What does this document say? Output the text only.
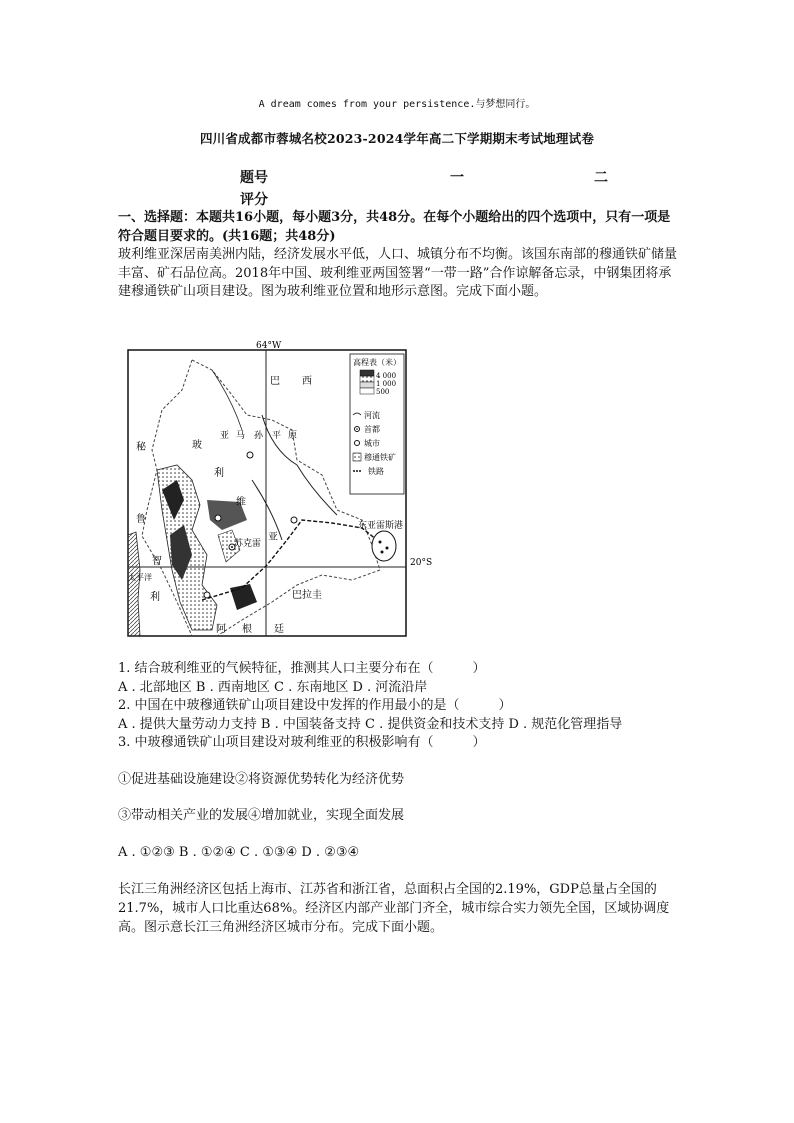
A dream comes from your persistence.与梦想同行。
四川省成都市蓉城名校2023-2024学年高二下学期期末考试地理试卷
题号	一	二
评分

一、选择题：本题共16小题，每小题3分，共48分。在每个小题给出的四个选项中，只有一项是符合题目要求的。(共16题；共48分)

玻利维亚深居南美洲内陆，经济发展水平低，人口、城镇分布不均衡。该国东南部的穆通铁矿储量丰富、矿石品位高。2018年中国、玻利维亚两国签署“一带一路”合作谅解备忘录，中钢集团将承建穆通铁矿山项目建设。图为玻利维亚位置和地形示意图。完成下面小题。

64°W
20°S
巴 西
秘
鲁
玻
利
维
亚
亚 马 孙 平 原
智
利
太平洋
巴拉圭
阿 根 廷
苏克雷
东亚雷斯港
高程表（米）
4 000
1 000
500
河流
首都
城市
穆通铁矿
铁路

1. 结合玻利维亚的气候特征，推测其人口主要分布在（　　　）

A . 北部地区 B . 西南地区 C . 东南地区 D . 河流沿岸

2. 中国在中玻穆通铁矿山项目建设中发挥的作用最小的是（　　　）

A . 提供大量劳动力支持 B . 中国装备支持 C . 提供资金和技术支持 D . 规范化管理指导

3. 中玻穆通铁矿山项目建设对玻利维亚的积极影响有（　　　）

①促进基础设施建设②将资源优势转化为经济优势

③带动相关产业的发展④增加就业，实现全面发展

A . ①②③ B . ①②④ C . ①③④ D . ②③④

长江三角洲经济区包括上海市、江苏省和浙江省，总面积占全国的2.19%，GDP总量占全国的21.7%，城市人口比重达68%。经济区内部产业部门齐全，城市综合实力领先全国，区域协调度高。图示意长江三角洲经济区城市分布。完成下面小题。
